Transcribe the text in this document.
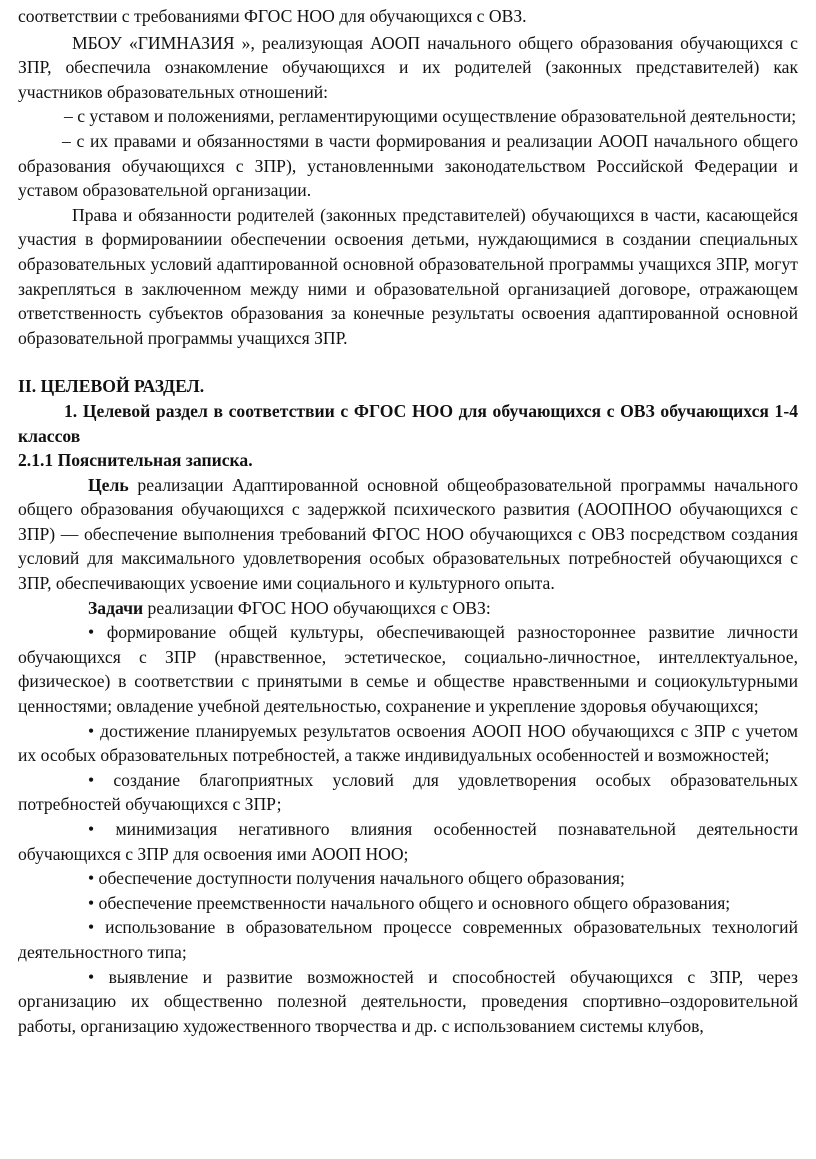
соответствии с требованиями ФГОС НОО для обучающихся с ОВЗ.

МБОУ «ГИМНАЗИЯ », реализующая АООП начального общего образования обучающихся с ЗПР, обеспечила ознакомление обучающихся и их родителей (законных представителей) как участников образовательных отношений:

– с уставом и положениями, регламентирующими осуществление образовательной деятельности;

– с их правами и обязанностями в части формирования и реализации АООП начального общего образования обучающихся с ЗПР), установленными законодательством Российской Федерации и уставом образовательной организации.

Права и обязанности родителей (законных представителей) обучающихся в части, касающейся участия в формированиии обеспечении освоения детьми, нуждающимися в создании специальных образовательных условий адаптированной основной образовательной программы учащихся ЗПР, могут закрепляться в заключенном между ними и образовательной организацией договоре, отражающем ответственность субъектов образования за конечные результаты освоения адаптированной основной образовательной программы учащихся ЗПР.

II. ЦЕЛЕВОЙ РАЗДЕЛ.

1. Целевой раздел в соответствии с ФГОС НОО для обучающихся с ОВЗ обучающихся 1-4 классов

2.1.1 Пояснительная записка.

Цель реализации Адаптированной основной общеобразовательной программы начального общего образования обучающихся с задержкой психического развития (АООПНОО обучающихся с ЗПР) — обеспечение выполнения требований ФГОС НОО обучающихся с ОВЗ посредством создания условий для максимального удовлетворения особых образовательных потребностей обучающихся с ЗПР, обеспечивающих усвоение ими социального и культурного опыта.

Задачи реализации ФГОС НОО обучающихся с ОВЗ:

• формирование общей культуры, обеспечивающей разностороннее развитие личности обучающихся с ЗПР (нравственное, эстетическое, социально-личностное, интеллектуальное, физическое) в соответствии с принятыми в семье и обществе нравственными и социокультурными ценностями; овладение учебной деятельностью, сохранение и укрепление здоровья обучающихся;

• достижение планируемых результатов освоения АООП НОО обучающихся с ЗПР с учетом их особых образовательных потребностей, а также индивидуальных особенностей и возможностей;

• создание благоприятных условий для удовлетворения особых образовательных потребностей обучающихся с ЗПР;

• минимизация негативного влияния особенностей познавательной деятельности обучающихся с ЗПР для освоения ими АООП НОО;

• обеспечение доступности получения начального общего образования;

• обеспечение преемственности начального общего и основного общего образования;

• использование в образовательном процессе современных образовательных технологий деятельностного типа;

• выявление и развитие возможностей и способностей обучающихся с ЗПР, через организацию их общественно полезной деятельности, проведения спортивно–оздоровительной работы, организацию художественного творчества и др. с использованием системы клубов,
